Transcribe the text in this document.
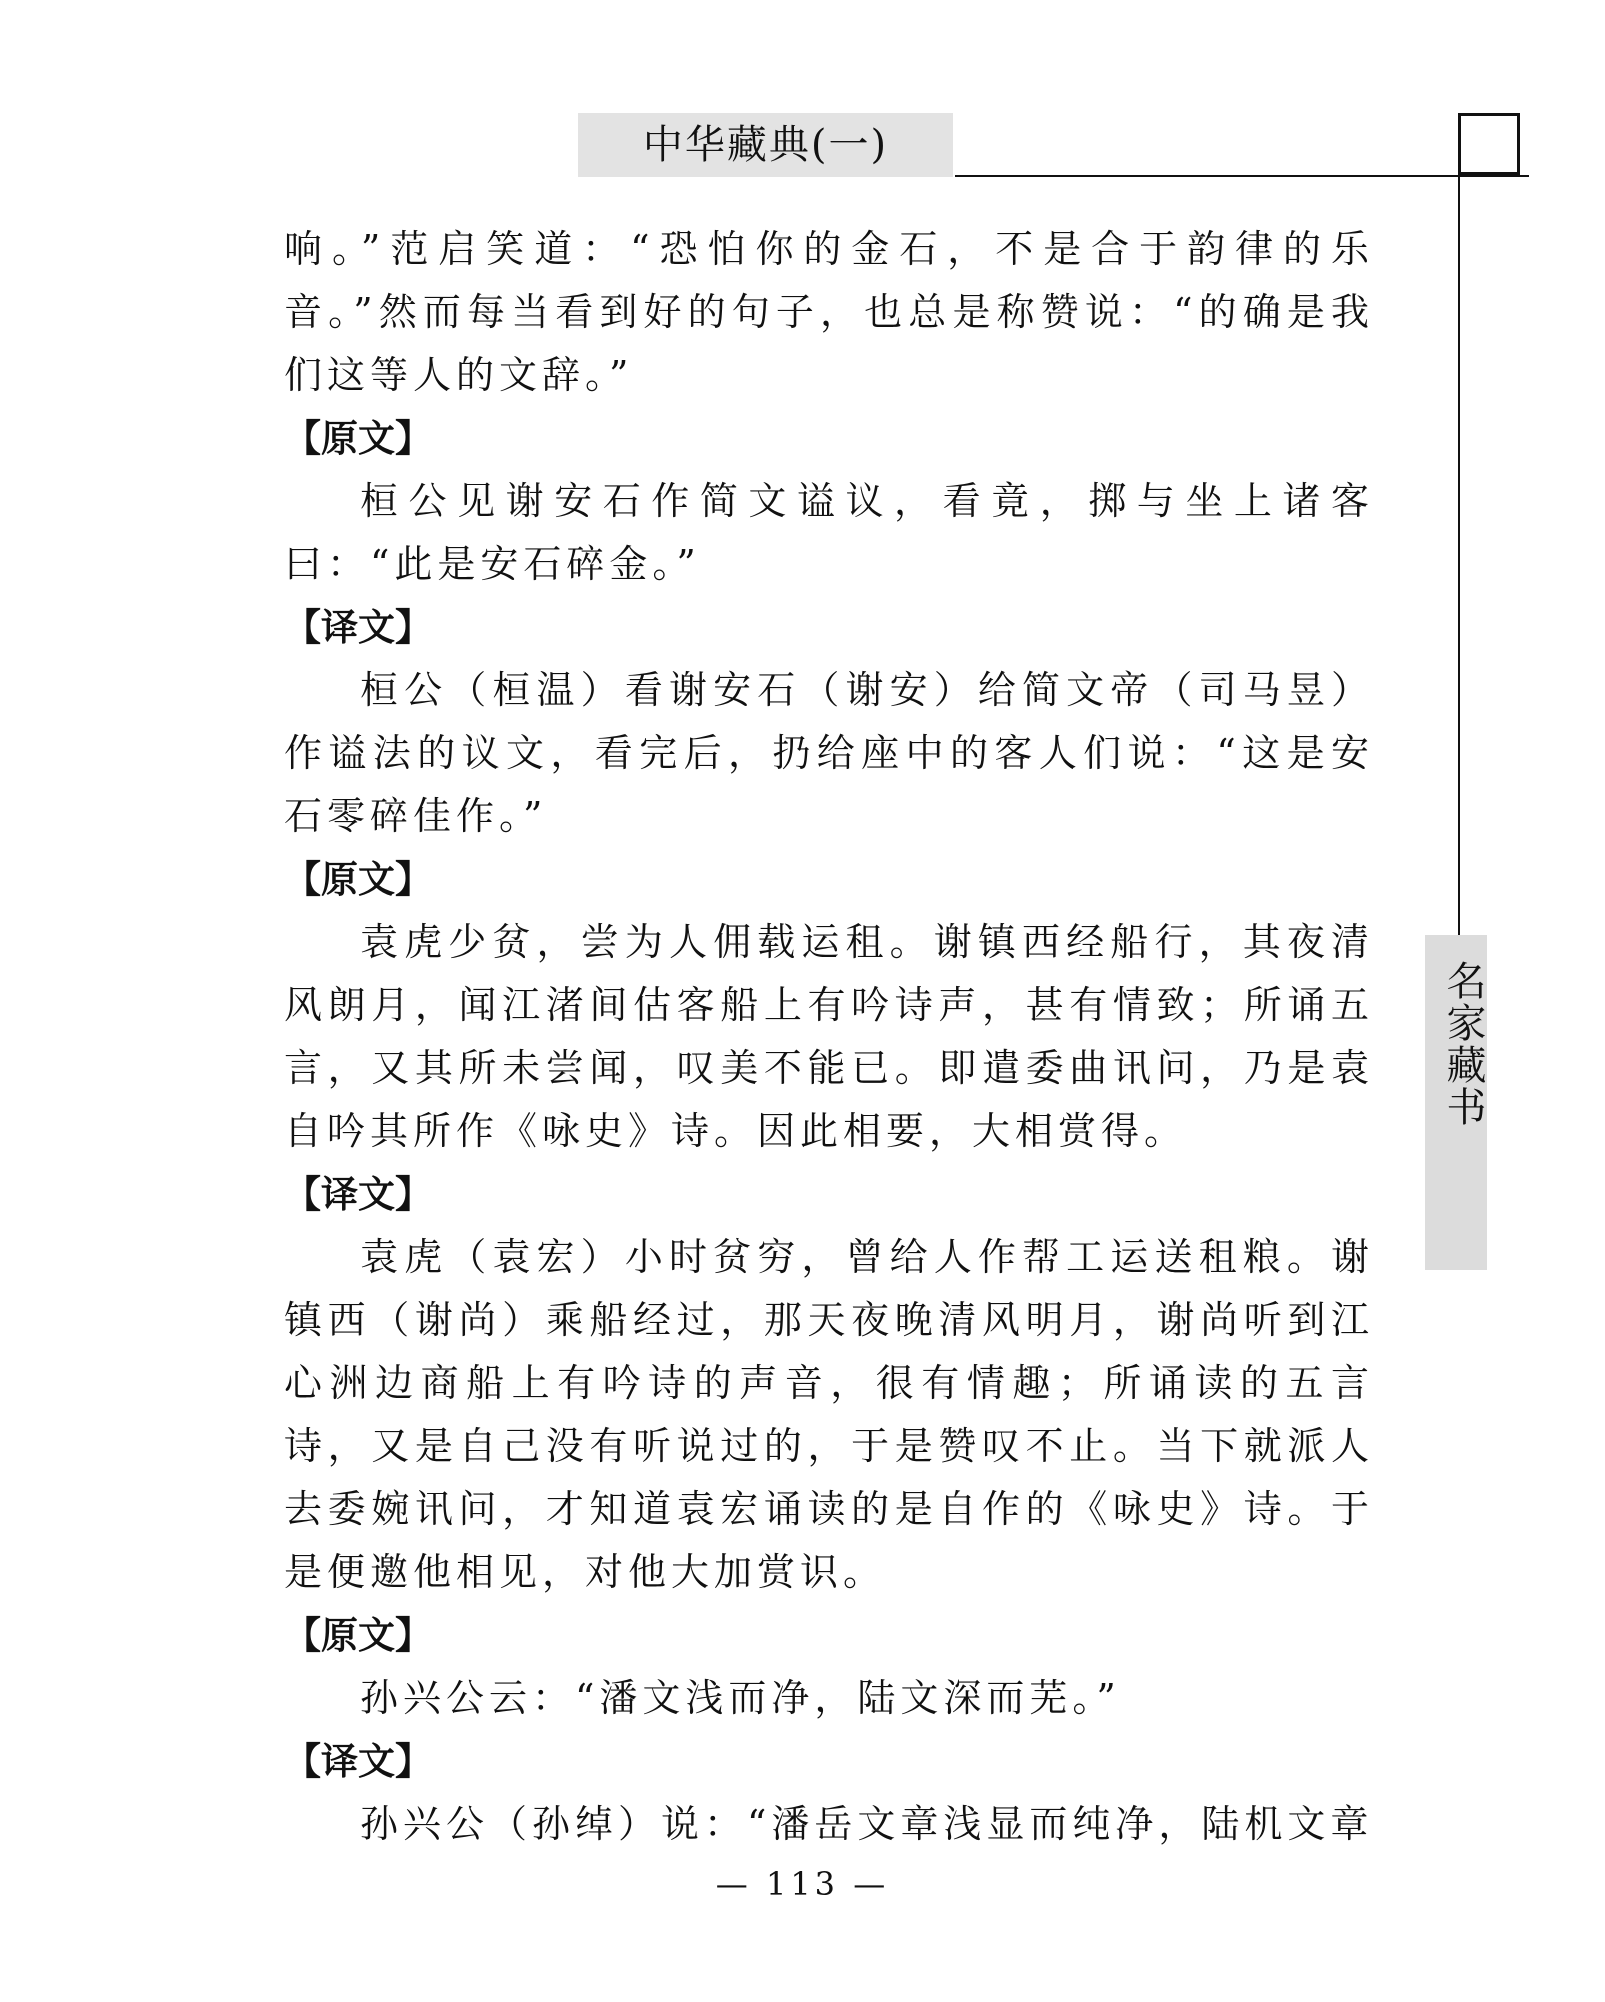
中华藏典(一)
名家藏书

响。”范启笑道：“恐怕你的金石，不是合于韵律的乐音。”然而每当看到好的句子，也总是称赞说：“的确是我们这等人的文辞。”

【原文】

桓公见谢安石作简文谥议，看竟，掷与坐上诸客曰：“此是安石碎金。”

【译文】

桓公（桓温）看谢安石（谢安）给简文帝（司马昱）作谥法的议文，看完后，扔给座中的客人们说：“这是安石零碎佳作。”

【原文】

袁虎少贫，尝为人佣载运租。谢镇西经船行，其夜清风朗月，闻江渚间估客船上有吟诗声，甚有情致；所诵五言，又其所未尝闻，叹美不能已。即遣委曲讯问，乃是袁自吟其所作《咏史》诗。因此相要，大相赏得。

【译文】

袁虎（袁宏）小时贫穷，曾给人作帮工运送租粮。谢镇西（谢尚）乘船经过，那天夜晚清风明月，谢尚听到江心洲边商船上有吟诗的声音，很有情趣；所诵读的五言诗，又是自己没有听说过的，于是赞叹不止。当下就派人去委婉讯问，才知道袁宏诵读的是自作的《咏史》诗。于是便邀他相见，对他大加赏识。

【原文】

孙兴公云：“潘文浅而净，陆文深而芜。”

【译文】

孙兴公（孙绰）说：“潘岳文章浅显而纯净，陆机文章

— 113 —
